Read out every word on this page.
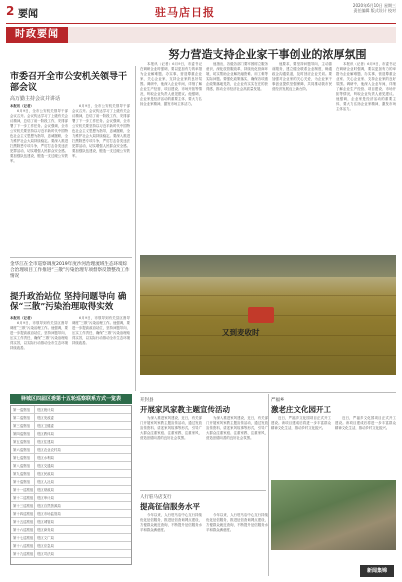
2 要闻	驻马店日报
2020年6月10日 星期三
责任编辑 版式设计 校对
时政要闻
努力营造支持企业家干事创业的浓厚氛围

本报讯（记者）6月9日，市委书记在调研企业时强调，要以更加有力的举措为企业解难题、办实事，营造尊重企业家、关心企业家、支持企业家的良好氛围。调研中，他深入企业车间，详细了解企业生产经营、项目建设、市场开拓等情况，听取企业负责人意见建议。他强调，企业家是经济活动的重要主体，要大力弘扬企业家精神，激发市场主体活力。

他指出，各级各部门要牢固树立服务意识，深化放管服改革，持续优化营商环境，切实帮助企业解决融资难、用工难等实际问题。要强化政策落实，确保各项惠企政策落地见效，让企业有实实在在的获得感，推动全市经济社会高质量发展。

他要求，要坚持问题导向，主动靠前服务，建立健全联系企业制度，畅通政企沟通渠道，及时回应企业关切。要加强对企业家的关心关爱，为企业家干事创业提供坚强保障，共同推动我市民营经济发展迈上新台阶。

本报讯（记者）6月9日，市委书记在调研企业时强调，要以更加有力的举措为企业解难题、办实事，营造尊重企业家、关心企业家、支持企业家的良好氛围。调研中，他深入企业车间，详细了解企业生产经营、项目建设、市场开拓等情况，听取企业负责人意见建议。他强调，企业家是经济活动的重要主体，要大力弘扬企业家精神，激发市场主体活力。

市委召开全市公安机关领导干部会议
高万勤主持会议并讲话
本报讯（记者）

6月9日，全市公安机关领导干部会议召开。会议传达学习了上级有关会议精神，总结了前一阶段工作，安排部署了下一步工作任务。会议强调，全市公安机关要坚持以习近平新时代中国特色社会主义思想为指导，忠诚履职，全力维护社会大局持续稳定。要深入推进扫黑除恶专项斗争，严厉打击各类违法犯罪活动，切实增强人民群众安全感。要加强队伍建设，锻造一支过硬公安铁军。

6月9日，全市公安机关领导干部会议召开。会议传达学习了上级有关会议精神，总结了前一阶段工作，安排部署了下一步工作任务。会议强调，全市公安机关要坚持以习近平新时代中国特色社会主义思想为指导，忠诚履职，全力维护社会大局持续稳定。要深入推进扫黑除恶专项斗争，严厉打击各类违法犯罪活动，切实增强人民群众安全感。要加强队伍建设，锻造一支过硬公安铁军。

金华江在全市巡察调度2019年度沙河治理流域生态环境综合治理项目工作推进“三散”污染治理专项督察反馈整改工作情况
提升政治站位 坚持问题导向 确保“三散”污染治理取得实效
本报讯（记者）

6月9日，市领导到有关县区督导调度“三散”污染治理工作。他强调，要进一步提高政治站位，坚持问题导向，压实工作责任，确保“三散”污染治理取得实效，以实际行动推动全市生态环境持续改善。

6月9日，市领导到有关县区督导调度“三散”污染治理工作。他强调，要进一步提高政治站位，坚持问题导向，压实工作责任，确保“三散”污染治理取得实效，以实际行动推动全市生态环境持续改善。

又到麦收时
驿城区四届区委第十五轮巡察联系方式一览表
第一巡察组	驻区统计局
第二巡察组	驻区发改委
第三巡察组	驻区卫健委
第四巡察组	驻区教体局
第五巡察组	驻区住建局
第六巡察组	驻区农业农村局
第七巡察组	驻区水利局
第八巡察组	驻区交通局
第九巡察组	驻区民政局
第十巡察组	驻区人社局
第十一巡察组	驻区财政局
第十二巡察组	驻区审计局
第十三巡察组	驻区自然资源局
第十四巡察组	驻区市场监管局
第十五巡察组	驻区城管局
第十六巡察组	驻区商务局
第十七巡察组	驻区文广局
第十八巡察组	驻区应急局
第十九巡察组	驻区司法局
开封县
开展家风家教主题宣传活动

为深入推进家风建设，近日，有关部门开展家风家教主题宣传活动，通过发放宣传资料、讲述家风故事等形式，引导广大群众注重家庭、注重家教、注重家风，营造崇德向善的良好社会氛围。

为深入推进家风建设，近日，有关部门开展家风家教主题宣传活动，通过发放宣传资料、讲述家风故事等形式，引导广大群众注重家庭、注重家教、注重家风，营造崇德向善的良好社会氛围。

人行驻马店支行
提高征信服务水平

今年以来，人行驻马店中心支行持续优化征信服务，推进征信查询网点建设，方便群众就近查询，不断提升征信服务水平和群众满意度。

今年以来，人行驻马店中心支行持续优化征信服务，推进征信查询网点建设，方便群众就近查询，不断提升征信服务水平和群众满意度。

严福乡
激老庄文化园开工

近日，严福乡文化园项目正式开工建设。该项目建成后将进一步丰富群众精神文化生活，推动乡村文化振兴。

近日，严福乡文化园项目正式开工建设。该项目建成后将进一步丰富群众精神文化生活，推动乡村文化振兴。

新闻集锦
